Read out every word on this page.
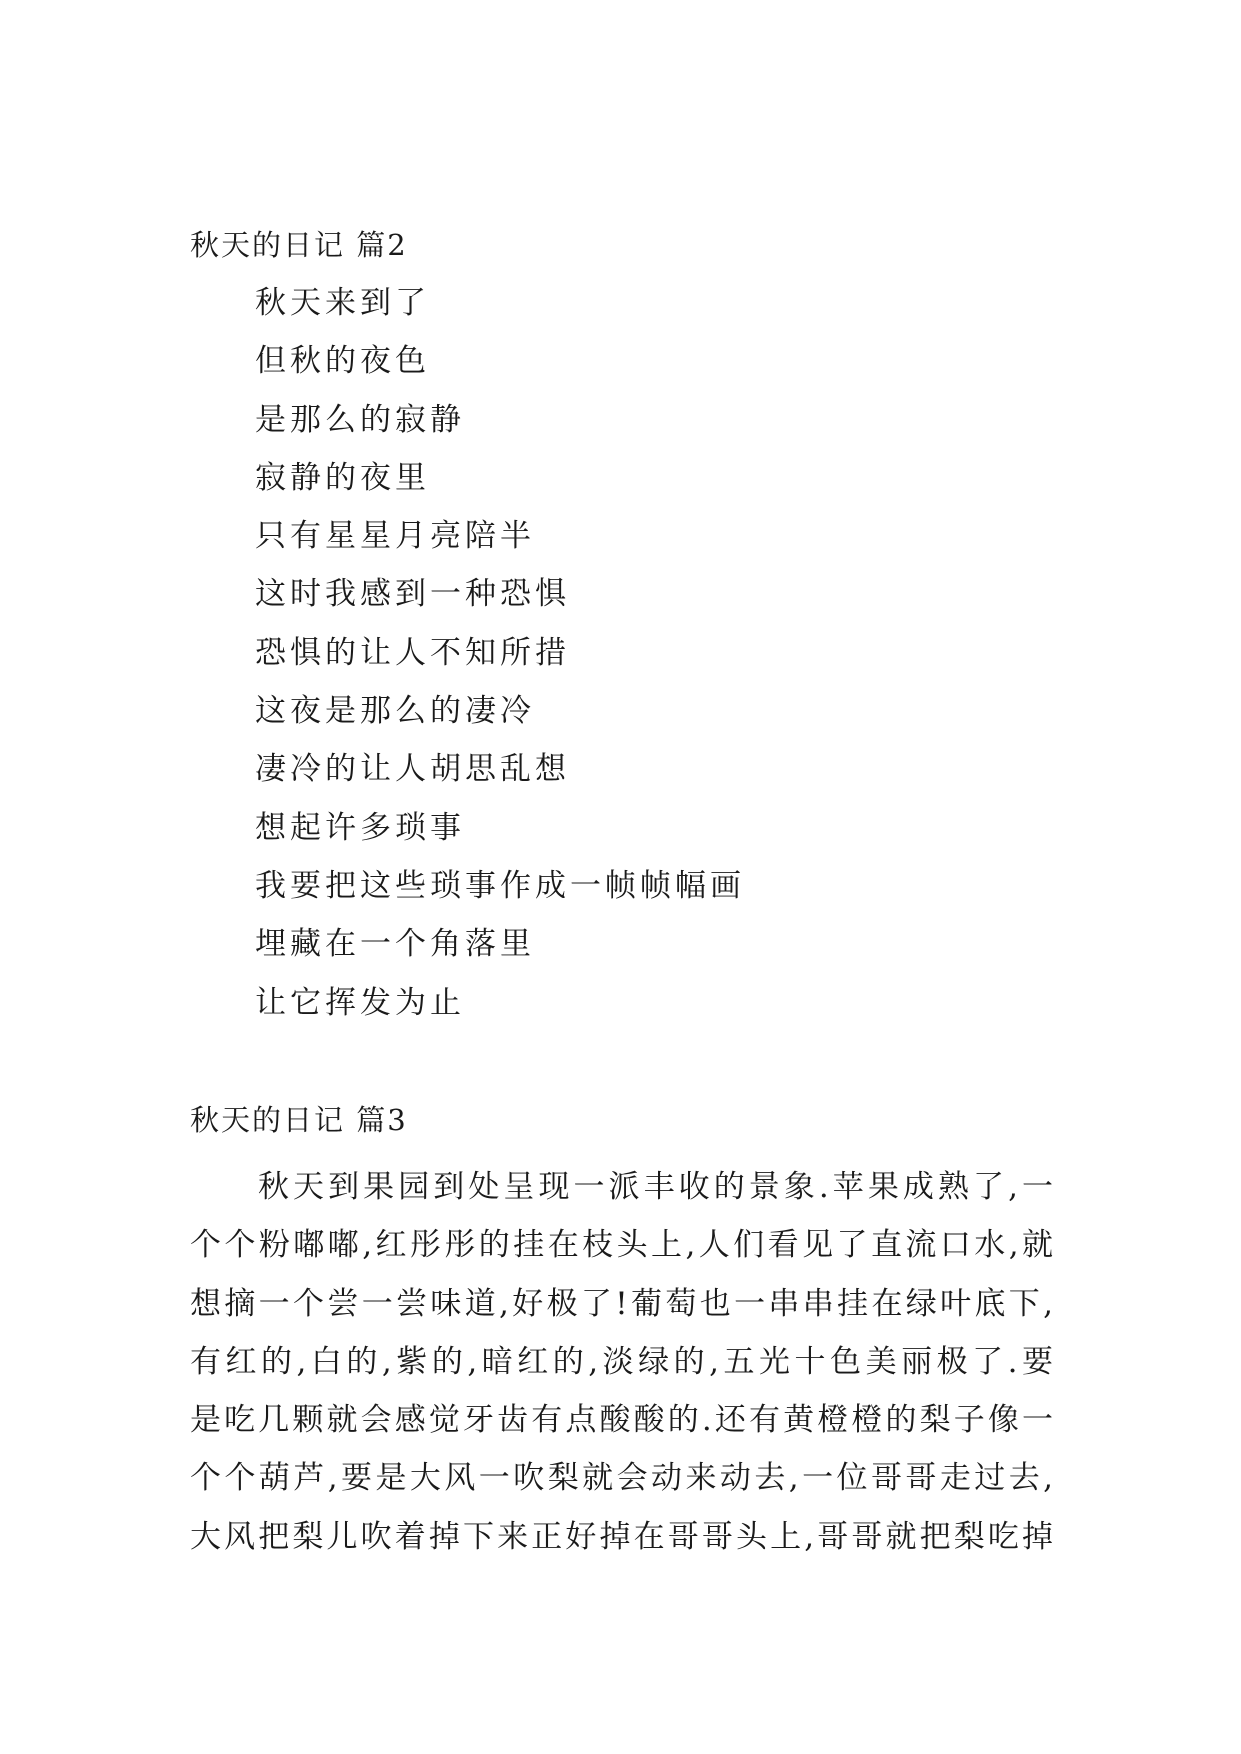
秋天的日记 篇2
秋天来到了
但秋的夜色
是那么的寂静
寂静的夜里
只有星星月亮陪半
这时我感到一种恐惧
恐惧的让人不知所措
这夜是那么的凄冷
凄冷的让人胡思乱想
想起许多琐事
我要把这些琐事作成一帧帧幅画
埋藏在一个角落里
让它挥发为止
秋天的日记 篇3
秋天到果园到处呈现一派丰收的景象.苹果成熟了,一
个个粉嘟嘟,红彤彤的挂在枝头上,人们看见了直流口水,就
想摘一个尝一尝味道,好极了!葡萄也一串串挂在绿叶底下,
有红的,白的,紫的,暗红的,淡绿的,五光十色美丽极了.要
是吃几颗就会感觉牙齿有点酸酸的.还有黄橙橙的梨子像一
个个葫芦,要是大风一吹梨就会动来动去,一位哥哥走过去,
大风把梨儿吹着掉下来正好掉在哥哥头上,哥哥就把梨吃掉
